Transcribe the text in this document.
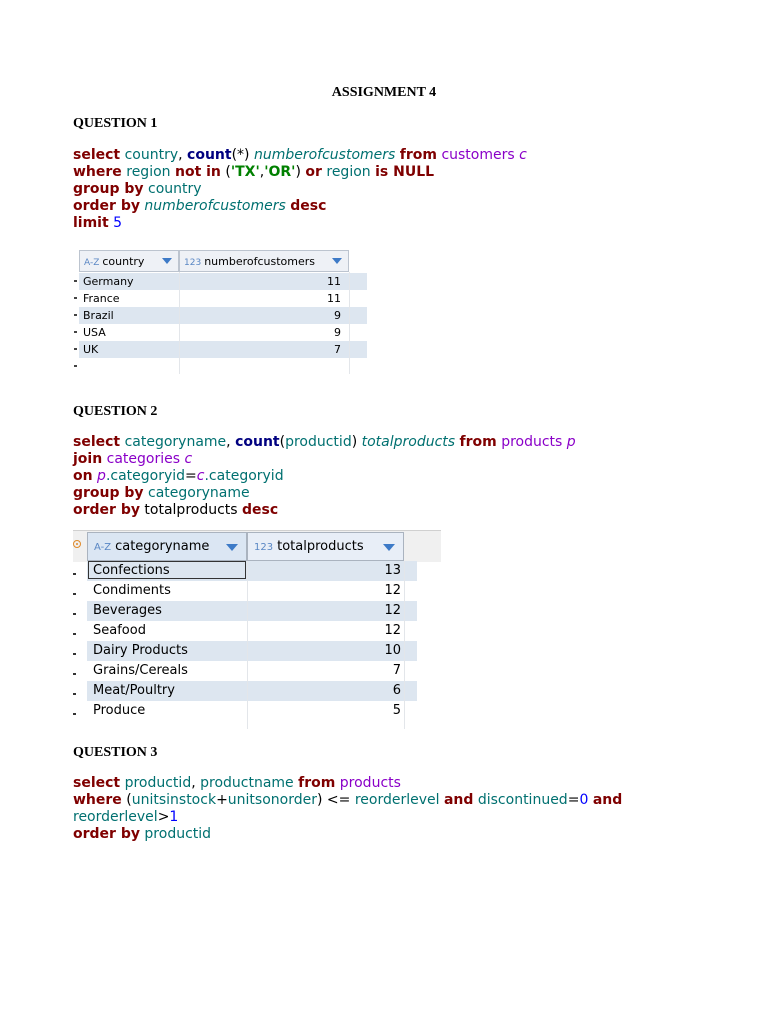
ASSIGNMENT 4
QUESTION 1
select country, count(*) numberofcustomers from customers c
where region not in ('TX','OR') or region is NULL
group by country
order by numberofcustomers desc
limit 5
A-Z country	123 numberofcustomers
Germany	11
France	11
Brazil	9
USA	9
UK	7
QUESTION 2
select categoryname, count(productid) totalproducts from products p
join categories c
on p.categoryid=c.categoryid
group by categoryname
order by totalproducts desc
A-Z categoryname	123 totalproducts
Confections	13
Condiments	12
Beverages	12
Seafood	12
Dairy Products	10
Grains/Cereals	7
Meat/Poultry	6
Produce	5
QUESTION 3
select productid, productname from products
where (unitsinstock+unitsonorder) <= reorderlevel and discontinued=0 and
reorderlevel>1
order by productid
